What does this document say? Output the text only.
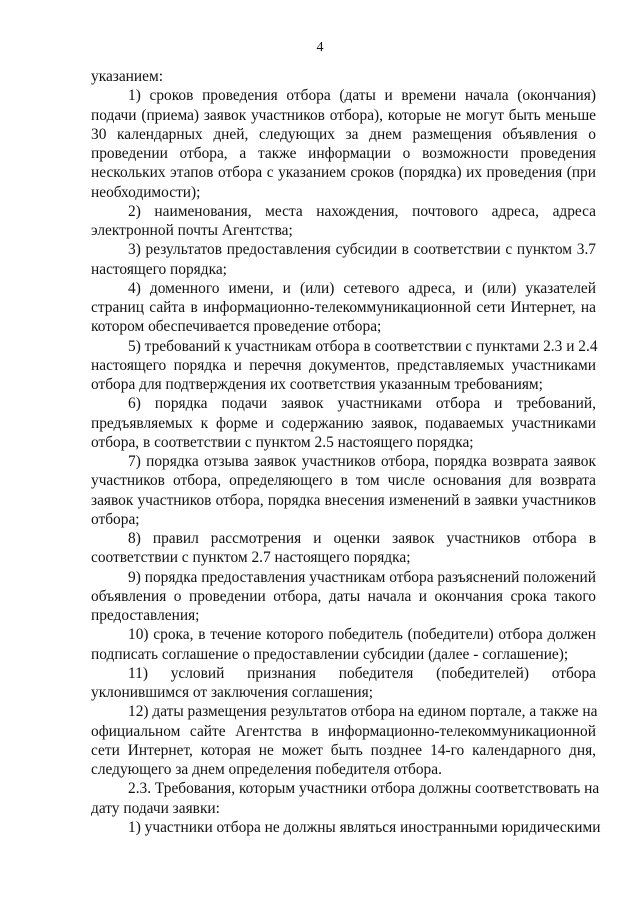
4
указанием:
1) сроков проведения отбора (даты и времени начала (окончания)
подачи (приема) заявок участников отбора), которые не могут быть меньше
30 календарных дней, следующих за днем размещения объявления о
проведении отбора, а также информации о возможности проведения
нескольких этапов отбора с указанием сроков (порядка) их проведения (при
необходимости);
2) наименования, места нахождения, почтового адреса, адреса
электронной почты Агентства;
3) результатов предоставления субсидии в соответствии с пунктом 3.7
настоящего порядка;
4) доменного имени, и (или) сетевого адреса, и (или) указателей
страниц сайта в информационно-телекоммуникационной сети Интернет, на
котором обеспечивается проведение отбора;
5) требований к участникам отбора в соответствии с пунктами 2.3 и 2.4
настоящего порядка и перечня документов, представляемых участниками
отбора для подтверждения их соответствия указанным требованиям;
6) порядка подачи заявок участниками отбора и требований,
предъявляемых к форме и содержанию заявок, подаваемых участниками
отбора, в соответствии с пунктом 2.5 настоящего порядка;
7) порядка отзыва заявок участников отбора, порядка возврата заявок
участников отбора, определяющего в том числе основания для возврата
заявок участников отбора, порядка внесения изменений в заявки участников
отбора;
8) правил рассмотрения и оценки заявок участников отбора в
соответствии с пунктом 2.7 настоящего порядка;
9) порядка предоставления участникам отбора разъяснений положений
объявления о проведении отбора, даты начала и окончания срока такого
предоставления;
10) срока, в течение которого победитель (победители) отбора должен
подписать соглашение о предоставлении субсидии (далее - соглашение);
11) условий признания победителя (победителей) отбора
уклонившимся от заключения соглашения;
12) даты размещения результатов отбора на едином портале, а также на
официальном сайте Агентства в информационно-телекоммуникационной
сети Интернет, которая не может быть позднее 14-го календарного дня,
следующего за днем определения победителя отбора.
2.3. Требования, которым участники отбора должны соответствовать на
дату подачи заявки:
1) участники отбора не должны являться иностранными юридическими
